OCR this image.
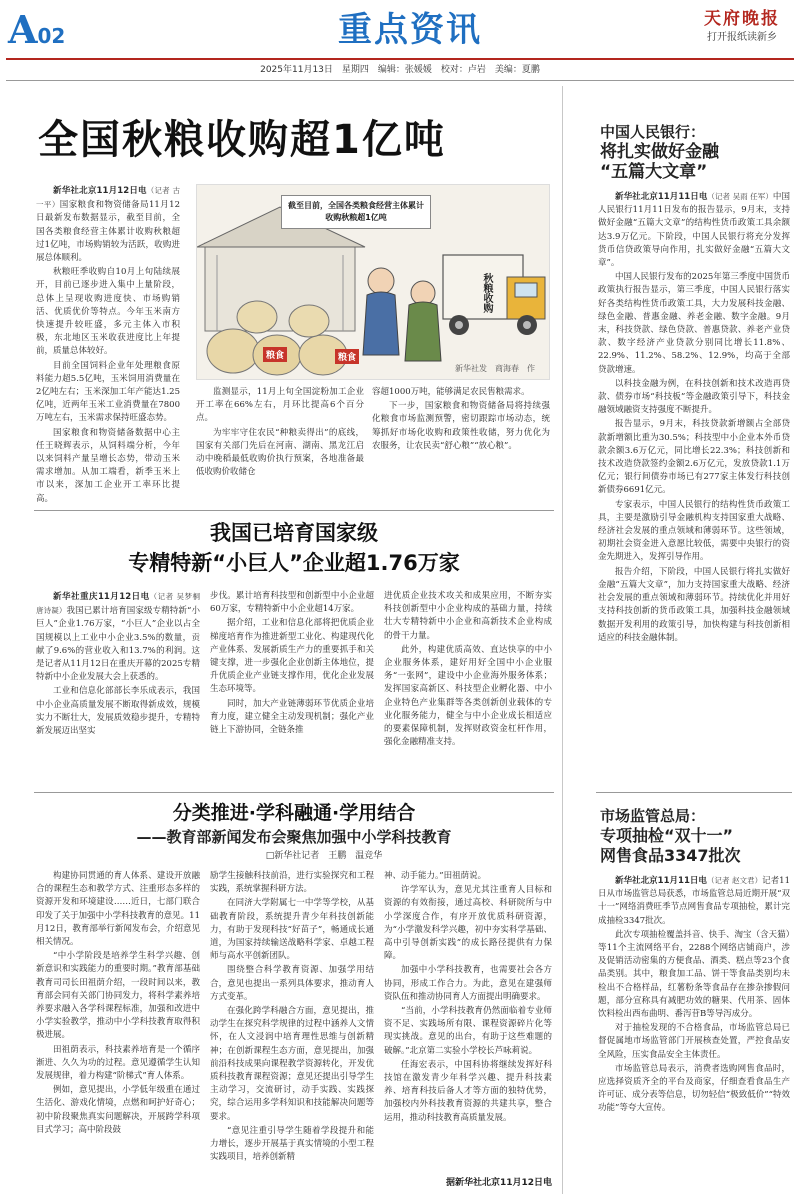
A02	重点资讯	天府晚报
打开报纸读新乡
2025年11月13日　星期四　编辑：张媛媛　校对：卢岩　美编：夏鹏
全国秋粮收购超1亿吨

新华社北京11月12日电（记者 古一平）国家粮食和物资储备局11月12日最新发布数据显示，截至目前，全国各类粮食经营主体累计收购秋粮超过1亿吨，市场购销较为活跃，收购进展总体顺利。

秋粮旺季收购自10月上旬陆续展开，目前已逐步进入集中上量阶段，总体上呈现收购进度快、市场购销活、优质优价等特点。今年玉米南方快速提升较旺盛，多元主体入市积极，东北地区玉米收获进度比上年提前，质量总体较好。

目前全国饲料企业年处理粮食原料能力超5.5亿吨，玉米饲用消费量在2亿吨左右；玉米深加工年产能达1.25亿吨，近两年玉米工业消费量在7800万吨左右，玉米需求保持旺盛态势。

国家粮食和物资储备数据中心主任王晓辉表示，从饲料端分析，今年以来饲料产量呈增长态势，带动玉米需求增加。从加工端看，新季玉米上市以来，深加工企业开工率环比提高。

截至目前，全国各类粮食经营主体累计收购秋粮超1亿吨
秋粮收购
粮食	粮食
新华社发　商海春　作

监测显示，11月上旬全国淀粉加工企业开工率在66%左右，月环比提高6个百分点。

为牢牢守住农民“种粮卖得出”的底线，国家有关部门先后在河南、湖南、黑龙江启动中晚稻最低收购价执行预案，各地准备最低收购价收储仓

容超1000万吨，能够满足农民售粮需求。

下一步，国家粮食和物资储备局将持续强化粮食市场监测预警，密切跟踪市场动态，统筹抓好市场化收购和政策性收储，努力优化为农服务，让农民卖“舒心粮”“放心粮”。

中国人民银行：
将扎实做好金融
“五篇大文章”

新华社北京11月11日电（记者 吴雨 任军）中国人民银行11月11日发布的报告显示，9月末，支持做好金融“五篇大文章”的结构性货币政策工具余额达3.9万亿元。下阶段，中国人民银行将充分发挥货币信贷政策导向作用，扎实做好金融“五篇大文章”。

中国人民银行发布的2025年第三季度中国货币政策执行报告显示，第三季度，中国人民银行落实好各类结构性货币政策工具，大力发展科技金融、绿色金融、普惠金融、养老金融、数字金融。9月末，科技贷款、绿色贷款、普惠贷款、养老产业贷款、数字经济产业贷款分别同比增长11.8%、22.9%、11.2%、58.2%、12.9%，均高于全部贷款增速。

以科技金融为例，在科技创新和技术改造再贷款、债券市场“科技板”等金融政策引导下，科技金融领域融资支持强度不断提升。

报告显示，9月末，科技贷款新增额占全部贷款新增额比重为30.5%；科技型中小企业本外币贷款余额3.6万亿元，同比增长22.3%；科技创新和技术改造贷款签约金额2.6万亿元，发放贷款1.1万亿元；银行间债券市场已有277家主体发行科技创新债券6691亿元。

专家表示，中国人民银行的结构性货币政策工具，主要是激励引导金融机构支持国家重大战略、经济社会发展的重点领域和薄弱环节。这些领域，初期社会资金进入意愿比较低，需要中央银行的资金先期进入，发挥引导作用。

报告介绍，下阶段，中国人民银行将扎实做好金融“五篇大文章”，加力支持国家重大战略、经济社会发展的重点领域和薄弱环节。持续优化并用好支持科技创新的货币政策工具，加强科技金融领域数据开发利用的政策引导，加快构建与科技创新相适应的科技金融体制。

我国已培育国家级
专精特新“小巨人”企业超1.76万家

新华社重庆11月12日电（记者 吴梦桐 唐诗凝）我国已累计培育国家级专精特新“小巨人”企业1.76万家，“小巨人”企业以占全国规模以上工业中小企业3.5%的数量，贡献了9.6%的营业收入和13.7%的利润。这是记者从11月12日在重庆开幕的2025专精特新中小企业发展大会上获悉的。

工业和信息化部部长李乐成表示，我国中小企业高质量发展不断取得新成效，规模实力不断壮大，发展质效稳步提升，专精特新发展迈出坚实

步伐。累计培育科技型和创新型中小企业超60万家，专精特新中小企业超14万家。

据介绍，工业和信息化部将把优质企业梯度培育作为推进新型工业化、构建现代化产业体系、发展新质生产力的重要抓手和关键支撑，进一步强化企业创新主体地位，提升优质企业产业链支撑作用，优化企业发展生态环境等。

同时，加大产业链薄弱环节优质企业培育力度，建立健全主动发现机制；强化产业链上下游协同，全链条推

进优质企业技术攻关和成果应用，不断夯实科技创新型中小企业构成的基础力量，持续壮大专精特新中小企业和高新技术企业构成的骨干力量。

此外，构建优质高效、直达快享的中小企业服务体系，建好用好全国中小企业服务“一张网”，建设中小企业海外服务体系；发挥国家高新区、科技型企业孵化器、中小企业特色产业集群等各类创新创业载体的专业化服务能力，健全与中小企业成长相适应的要素保障机制，发挥财政资金杠杆作用，强化金融精准支持。

分类推进·学科融通·学用结合
——教育部新闻发布会聚焦加强中小学科技教育
□新华社记者　王鹏　温竞华

构建协同贯通的育人体系、建设开放融合的课程生态和教学方式、注重形态多样的资源开发和环境建设……近日，七部门联合印发了关于加强中小学科技教育的意见。11月12日，教育部举行新闻发布会，介绍意见相关情况。

“中小学阶段是培养学生科学兴趣、创新意识和实践能力的重要时期。”教育部基础教育司司长田祖荫介绍，一段时间以来，教育部会同有关部门协同发力，将科学素养培养要求融入各学科课程标准，加强和改进中小学实验教学，推动中小学科技教育取得积极进展。

田祖荫表示，科技素养培育是一个循序渐进、久久为功的过程。意见遵循学生认知发展规律，着力构建“阶梯式”育人体系。

例如，意见提出，小学低年级重在通过生活化、游戏化情境，点燃和呵护好奇心；初中阶段聚焦真实问题解决，开展跨学科项目式学习；高中阶段鼓

励学生接触科技前沿，进行实验探究和工程实践，系统掌握科研方法。

在同济大学附属七一中学等学校，从基础教育阶段，系统提升青少年科技创新能力，有助于发现科技“好苗子”，畅通成长通道，为国家持续输送战略科学家、卓越工程师与高水平创新团队。

围绕整合科学教育资源、加强学用结合，意见也提出一系列具体要求，推动育人方式变革。

在强化跨学科融合方面，意见提出，推动学生在探究科学规律的过程中涵养人文情怀，在人文浸润中培育理性思维与创新精神；在创新课程生态方面，意见提出，加强前沿科技成果向课程教学资源转化，开发优质科技教育课程资源；意见还提出引导学生主动学习，交流研讨，动手实践、实践探究，综合运用多学科知识和技能解决问题等要求。

“意见注重引导学生随着学段提升和能力增长，逐步开展基于真实情境的小型工程实践项目，培养创新精

神、动手能力。”田祖荫说。

许学军认为，意见尤其注重育人目标和资源的有效衔接，通过高校、科研院所与中小学深度合作，有序开放优质科研资源，为“小学激发科学兴趣，初中夯实科学基础、高中引导创新实践”的成长路径提供有力保障。

加强中小学科技教育，也需要社会各方协同，形成工作合力。为此，意见在建强师资队伍和推动协同育人方面提出明确要求。

“当前，小学科技教育仍然面临着专业师资不足、实践场所有限、课程资源碎片化等现实挑战。意见的出台，有助于这些难题的破解。”北京第二实验小学校长芦咏莉说。

任海宏表示，中国科协将继续发挥好科技馆在激发青少年科学兴趣、提升科技素养、培育科技后备人才等方面的独特优势，加强校内外科技教育资源的共建共享，整合运用，推动科技教育高质量发展。

据新华社北京11月12日电
市场监管总局：
专项抽检“双十一”
网售食品3347批次

新华社北京11月11日电（记者 赵文君）记者11日从市场监管总局获悉，市场监管总局近期开展“双十一”网络消费旺季节点网售食品专项抽检，累计完成抽检3347批次。

此次专项抽检覆盖抖音、快手、淘宝（含天猫）等11个主流网络平台，2288个网络店铺商户，涉及促销活动密集的方便食品、酒类、糕点等23个食品类别。其中，粮食加工品、饼干等食品类别均未检出不合格样品，红薯粉条等食品存在掺杂掺假问题，部分宣称具有减肥功效的糖果、代用茶、固体饮料检出西布曲明、番泻苷B等导泻成分。

对于抽检发现的不合格食品，市场监管总局已督促属地市场监管部门开展核查处置，严控食品安全风险，压实食品安全主体责任。

市场监管总局表示，消费者选购网售食品时，应选择资质齐全的平台及商家，仔细查看食品生产许可证、成分表等信息，切勿轻信“极致低价”“特效功能”等夸大宣传。
